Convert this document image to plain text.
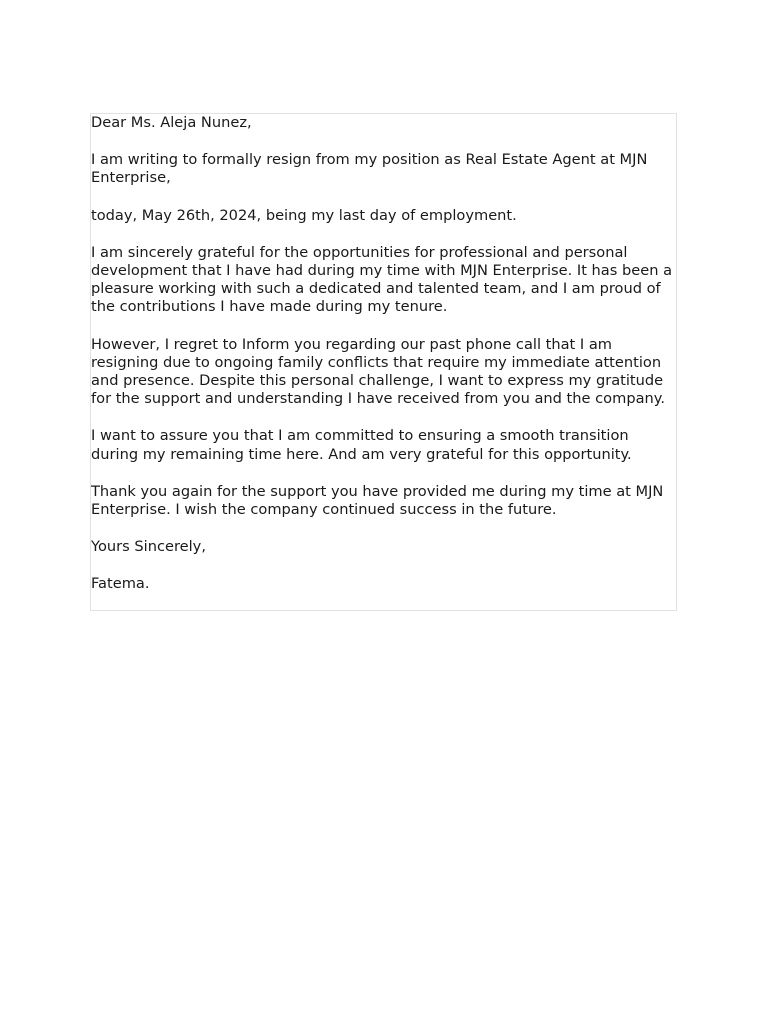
Dear Ms. Aleja Nunez,

I am writing to formally resign from my position as Real Estate Agent at MJN Enterprise,

today, May 26th, 2024, being my last day of employment.

I am sincerely grateful for the opportunities for professional and personal development that I have had during my time with MJN Enterprise. It has been a pleasure working with such a dedicated and talented team, and I am proud of the contributions I have made during my tenure.

However, I regret to Inform you regarding our past phone call that I am resigning due to ongoing family conflicts that require my immediate attention and presence. Despite this personal challenge, I want to express my gratitude for the support and understanding I have received from you and the company.

I want to assure you that I am committed to ensuring a smooth transition during my remaining time here. And am very grateful for this opportunity.

Thank you again for the support you have provided me during my time at MJN Enterprise. I wish the company continued success in the future.

Yours Sincerely,

Fatema.
